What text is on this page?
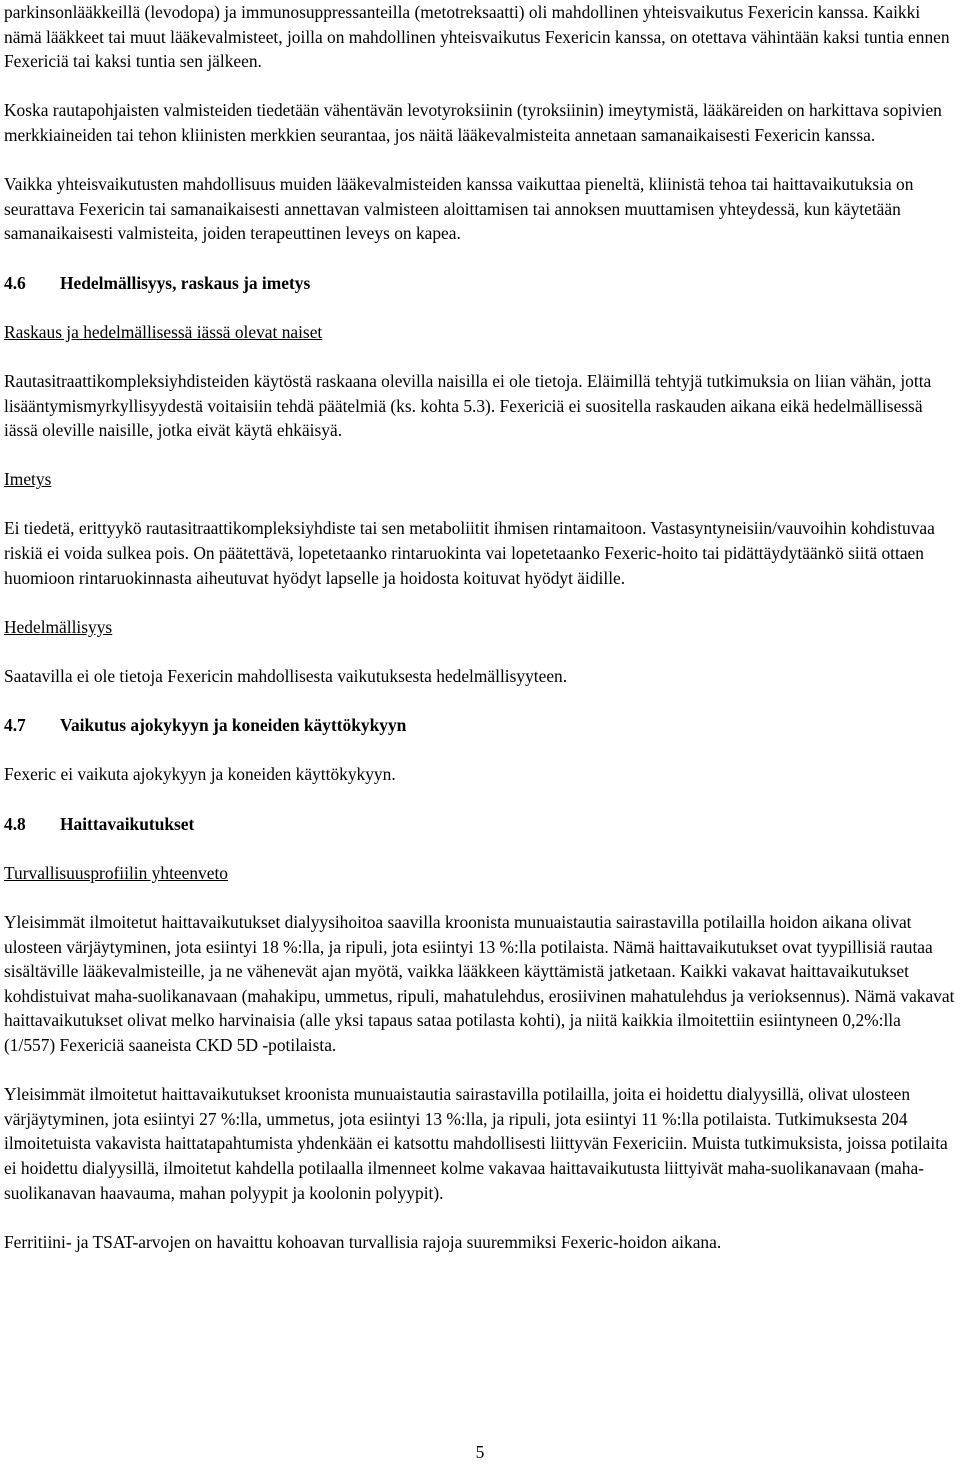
parkinsonlääkkeillä (levodopa) ja immunosuppressanteilla (metotreksaatti) oli mahdollinen yhteisvaikutus Fexericin kanssa. Kaikki nämä lääkkeet tai muut lääkevalmisteet, joilla on mahdollinen yhteisvaikutus Fexericin kanssa, on otettava vähintään kaksi tuntia ennen Fexericiä tai kaksi tuntia sen jälkeen.

Koska rautapohjaisten valmisteiden tiedetään vähentävän levotyroksiinin (tyroksiinin) imeytymistä, lääkäreiden on harkittava sopivien merkkiaineiden tai tehon kliinisten merkkien seurantaa, jos näitä lääkevalmisteita annetaan samanaikaisesti Fexericin kanssa.

Vaikka yhteisvaikutusten mahdollisuus muiden lääkevalmisteiden kanssa vaikuttaa pieneltä, kliinistä tehoa tai haittavaikutuksia on seurattava Fexericin tai samanaikaisesti annettavan valmisteen aloittamisen tai annoksen muuttamisen yhteydessä, kun käytetään samanaikaisesti valmisteita, joiden terapeuttinen leveys on kapea.

4.6	Hedelmällisyys, raskaus ja imetys

Raskaus ja hedelmällisessä iässä olevat naiset

Rautasitraattikompleksiyhdisteiden käytöstä raskaana olevilla naisilla ei ole tietoja. Eläimillä tehtyjä tutkimuksia on liian vähän, jotta lisääntymismyrkyllisyydestä voitaisiin tehdä päätelmiä (ks. kohta 5.3). Fexericiä ei suositella raskauden aikana eikä hedelmällisessä iässä oleville naisille, jotka eivät käytä ehkäisyä.

Imetys

Ei tiedetä, erittyykö rautasitraattikompleksiyhdiste tai sen metaboliitit ihmisen rintamaitoon. Vastasyntyneisiin/vauvoihin kohdistuvaa riskiä ei voida sulkea pois. On päätettävä, lopetetaanko rintaruokinta vai lopetetaanko Fexeric-hoito tai pidättäydytäänkö siitä ottaen huomioon rintaruokinnasta aiheutuvat hyödyt lapselle ja hoidosta koituvat hyödyt äidille.

Hedelmällisyys

Saatavilla ei ole tietoja Fexericin mahdollisesta vaikutuksesta hedelmällisyyteen.

4.7	Vaikutus ajokykyyn ja koneiden käyttökykyyn

Fexeric ei vaikuta ajokykyyn ja koneiden käyttökykyyn.

4.8	Haittavaikutukset

Turvallisuusprofiilin yhteenveto

Yleisimmät ilmoitetut haittavaikutukset dialyysihoitoa saavilla kroonista munuaistautia sairastavilla potilailla hoidon aikana olivat ulosteen värjäytyminen, jota esiintyi 18 %:lla, ja ripuli, jota esiintyi 13 %:lla potilaista. Nämä haittavaikutukset ovat tyypillisiä rautaa sisältäville lääkevalmisteille, ja ne vähenevät ajan myötä, vaikka lääkkeen käyttämistä jatketaan. Kaikki vakavat haittavaikutukset kohdistuivat maha-suolikanavaan (mahakipu, ummetus, ripuli, mahatulehdus, erosiivinen mahatulehdus ja verioksennus). Nämä vakavat haittavaikutukset olivat melko harvinaisia (alle yksi tapaus sataa potilasta kohti), ja niitä kaikkia ilmoitettiin esiintyneen 0,2%:lla (1/557) Fexericiä saaneista CKD 5D -potilaista.

Yleisimmät ilmoitetut haittavaikutukset kroonista munuaistautia sairastavilla potilailla, joita ei hoidettu dialyysillä, olivat ulosteen värjäytyminen, jota esiintyi 27 %:lla, ummetus, jota esiintyi 13 %:lla, ja ripuli, jota esiintyi 11 %:lla potilaista. Tutkimuksesta 204 ilmoitetuista vakavista haittatapahtumista yhdenkään ei katsottu mahdollisesti liittyvän Fexericiin. Muista tutkimuksista, joissa potilaita ei hoidettu dialyysillä, ilmoitetut kahdella potilaalla ilmenneet kolme vakavaa haittavaikutusta liittyivät maha-suolikanavaan (maha-suolikanavan haavauma, mahan polyypit ja koolonin polyypit).

Ferritiini- ja TSAT-arvojen on havaittu kohoavan turvallisia rajoja suuremmiksi Fexeric-hoidon aikana.

5
